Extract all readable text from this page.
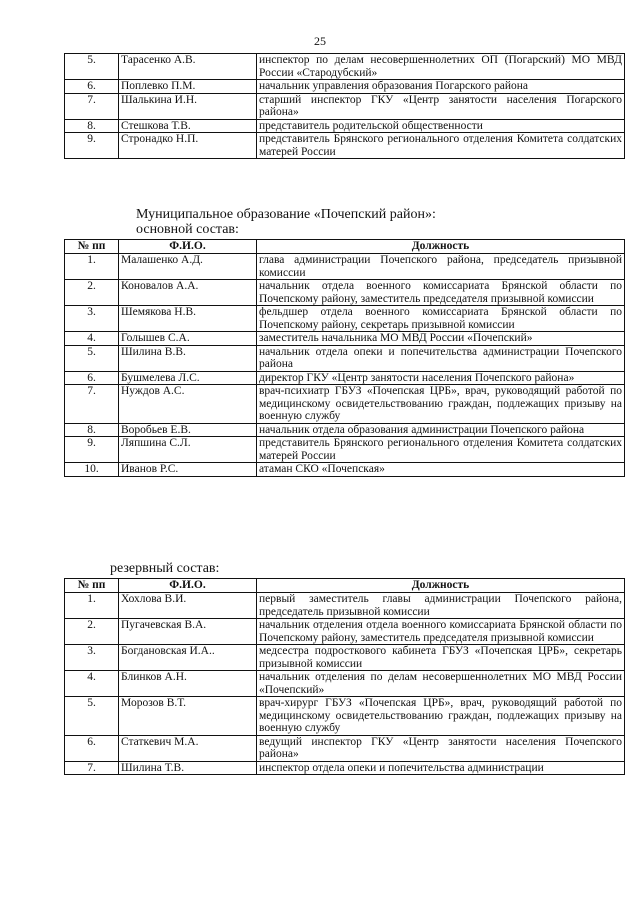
25
5.	Тарасенко А.В.	инспектор по делам несовершеннолетних ОП (Погарский) МО МВД России «Стародубский»
6.	Поплевко П.М.	начальник управления образования Погарского района
7.	Шалькина И.Н.	старший инспектор ГКУ «Центр занятости населения Погарского района»
8.	Стешкова Т.В.	представитель родительской общественности
9.	Стронадко Н.П.	представитель Брянского регионального отделения Комитета солдатских матерей России
Муниципальное образование «Почепский район»:
основной состав:
№ пп	Ф.И.О.	Должность
1.	Малашенко А.Д.	глава администрации Почепского района, председатель призывной комиссии
2.	Коновалов А.А.	начальник отдела военного комиссариата Брянской области по Почепскому району, заместитель председателя призывной комиссии
3.	Шемякова Н.В.	фельдшер отдела военного комиссариата Брянской области по Почепскому району, секретарь призывной комиссии
4.	Голышев С.А.	заместитель начальника МО МВД России «Почепский»
5.	Шилина В.В.	начальник отдела опеки и попечительства администрации Почепского района
6.	Бушмелева Л.С.	директор ГКУ «Центр занятости населения Почепского района»
7.	Нуждов А.С.	врач-психиатр ГБУЗ «Почепская ЦРБ», врач, руководящий работой по медицинскому освидетельствованию граждан, подлежащих призыву на военную службу
8.	Воробьев Е.В.	начальник отдела образования администрации Почепского района
9.	Ляпшина С.Л.	представитель Брянского регионального отделения Комитета солдатских матерей России
10.	Иванов Р.С.	атаман СКО «Почепская»
резервный состав:
№ пп	Ф.И.О.	Должность
1.	Хохлова В.И.	первый заместитель главы администрации Почепского района, председатель призывной комиссии
2.	Пугачевская В.А.	начальник отделения отдела военного комиссариата Брянской области по Почепскому району, заместитель председателя призывной комиссии
3.	Богдановская И.А..	медсестра подросткового кабинета ГБУЗ «Почепская ЦРБ», секретарь призывной комиссии
4.	Блинков А.Н.	начальник отделения по делам несовершеннолетних МО МВД России «Почепский»
5.	Морозов В.Т.	врач-хирург ГБУЗ «Почепская ЦРБ», врач, руководящий работой по медицинскому освидетельствованию граждан, подлежащих призыву на военную службу
6.	Статкевич М.А.	ведущий инспектор ГКУ «Центр занятости населения Почепского района»
7.	Шилина Т.В.	инспектор отдела опеки и попечительства администрации
